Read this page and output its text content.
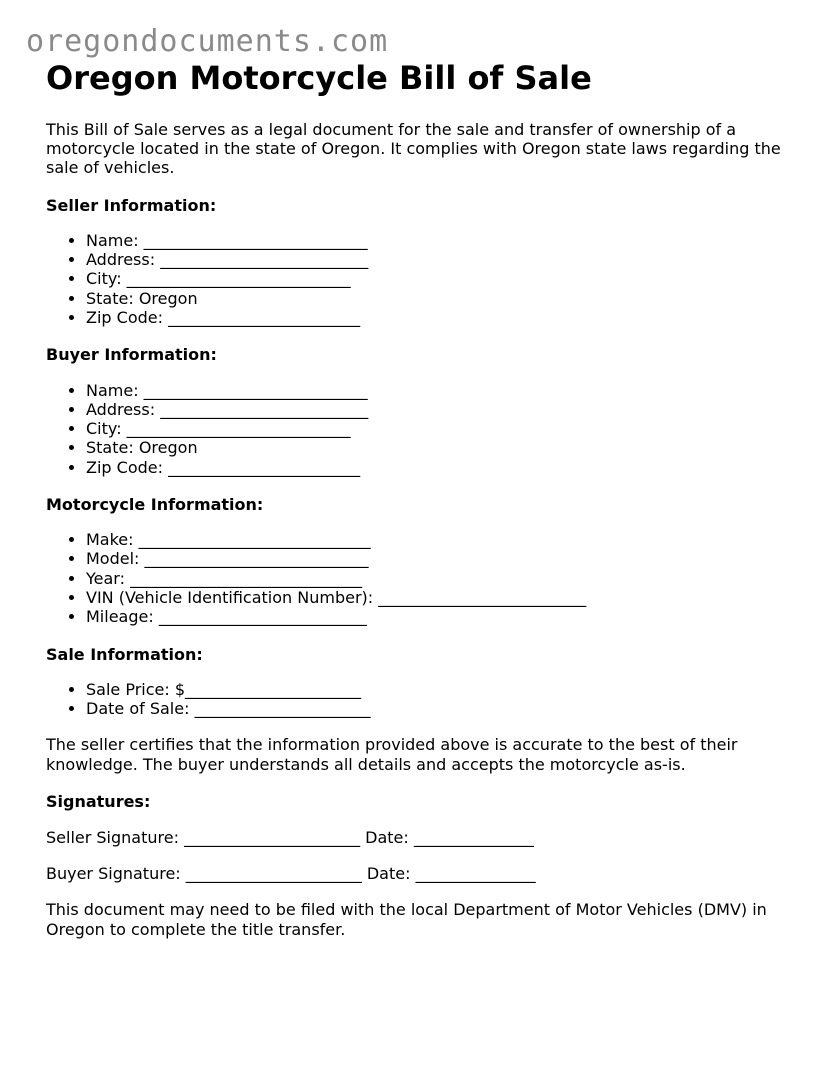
oregondocuments.com
Oregon Motorcycle Bill of Sale

This Bill of Sale serves as a legal document for the sale and transfer of ownership of a motorcycle located in the state of Oregon. It complies with Oregon state laws regarding the sale of vehicles.

Seller Information:

• Name: ____________________________
• Address: __________________________
• City: ____________________________
• State: Oregon
• Zip Code: ________________________

Buyer Information:

• Name: ____________________________
• Address: __________________________
• City: ____________________________
• State: Oregon
• Zip Code: ________________________

Motorcycle Information:

• Make: _____________________________
• Model: ____________________________
• Year: _____________________________
• VIN (Vehicle Identification Number): __________________________
• Mileage: __________________________

Sale Information:

• Sale Price: $______________________
• Date of Sale: ______________________

The seller certifies that the information provided above is accurate to the best of their knowledge. The buyer understands all details and accepts the motorcycle as-is.

Signatures:

Seller Signature: ______________________ Date: _______________

Buyer Signature: ______________________ Date: _______________

This document may need to be filed with the local Department of Motor Vehicles (DMV) in Oregon to complete the title transfer.
